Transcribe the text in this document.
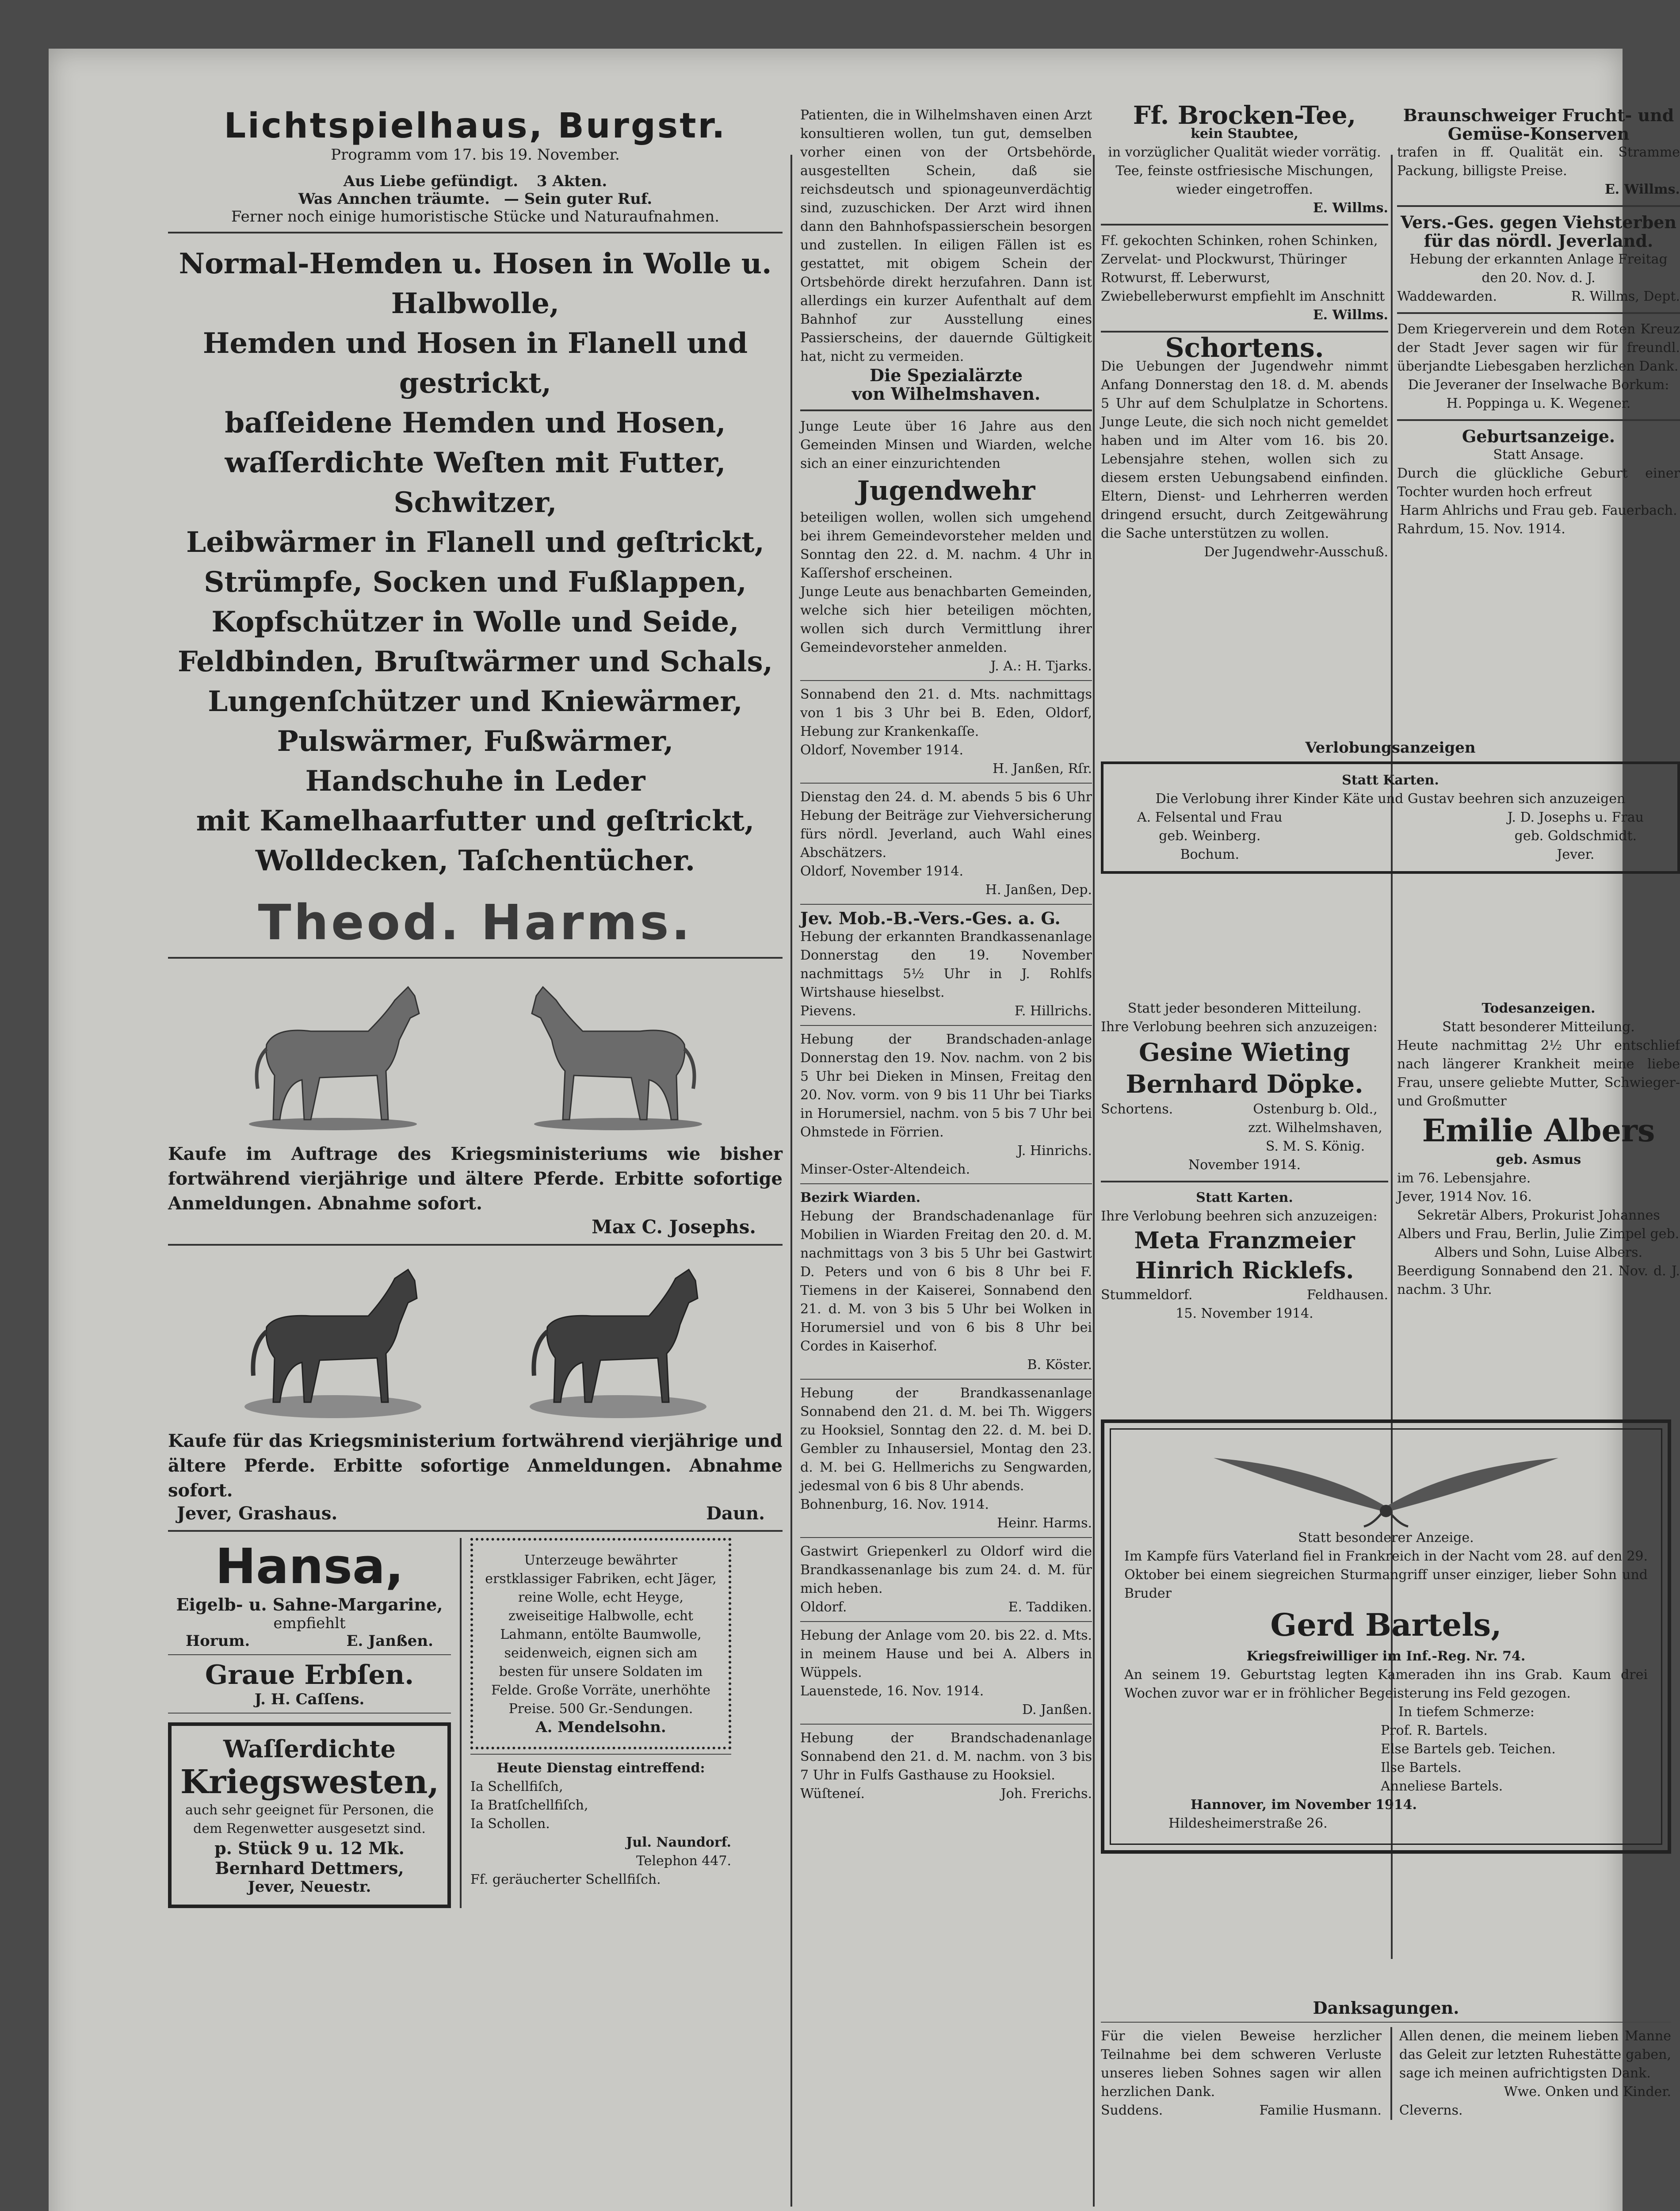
Lichtspielhaus, Burgstr.
Programm vom 17. bis 19. November.
Aus Liebe gefündigt. 3 Akten.
Was Annchen träumte. — Sein guter Ruf.
Ferner noch einige humoristische Stücke und Naturaufnahmen.
Normal-Hemden u. Hosen in Wolle u. Halbwolle,
Hemden und Hosen in Flanell und gestrickt,
baſſeidene Hemden und Hosen,
waſſerdichte Weſten mit Futter, Schwitzer,
Leibwärmer in Flanell und geſtrickt,
Strümpfe, Socken und Fußlappen,
Kopfschützer in Wolle und Seide,
Feldbinden, Bruſtwärmer und Schals,
Lungenſchützer und Kniewärmer,
Pulswärmer, Fußwärmer,
Handschuhe in Leder
mit Kamelhaarfutter und geſtrickt,
Wolldecken, Taſchentücher.
Theod. Harms.
Kaufe im Auftrage des Kriegsministeriums wie bisher fortwährend vierjährige und ältere Pferde. Erbitte sofortige Anmeldungen. Abnahme sofort.
Max C. Josephs.
Kaufe für das Kriegsministerium fortwährend vierjährige und ältere Pferde. Erbitte sofortige Anmeldungen. Abnahme sofort.
Jever, Grashaus.	Daun.
Hansa,
Eigelb- u. Sahne-Margarine,
empfiehlt
Horum.	E. Janßen.
Graue Erbſen.
J. H. Caſſens.
Waſſerdichte
Kriegswesten,
auch sehr geeignet für Personen, die dem Regenwetter ausgesetzt sind.
p. Stück 9 u. 12 Mk.
Bernhard Dettmers,
Jever, Neuestr.
Unterzeuge bewährter erstklassiger Fabriken, echt Jäger, reine Wolle, echt Heyge, zweiseitige Halbwolle, echt Lahmann, entölte Baumwolle, seidenweich, eignen sich am besten für unsere Soldaten im Felde. Große Vorräte, unerhöhte Preise. 500 Gr.-Sendungen.
A. Mendelsohn.
Heute Dienstag eintreffend:
Ia Schellfiſch,
Ia Bratſchellfiſch,
Ia Schollen.
Jul. Naundorf.
Telephon 447.
Ff. geräucherter Schellfiſch.
Patienten, die in Wilhelmshaven einen Arzt konsultieren wollen, tun gut, demselben vorher einen von der Ortsbehörde ausgestellten Schein, daß sie reichsdeutsch und spionageunverdächtig sind, zuzuschicken. Der Arzt wird ihnen dann den Bahnhofspassierschein besorgen und zustellen. In eiligen Fällen ist es gestattet, mit obigem Schein der Ortsbehörde direkt herzufahren. Dann ist allerdings ein kurzer Aufenthalt auf dem Bahnhof zur Ausstellung eines Passierscheins, der dauernde Gültigkeit hat, nicht zu vermeiden.
Die Spezialärzte
von Wilhelmshaven.
Junge Leute über 16 Jahre aus den Gemeinden Minsen und Wiarden, welche sich an einer einzurichtenden
Jugendwehr
beteiligen wollen, wollen sich umgehend bei ihrem Gemeindevorsteher melden und Sonntag den 22. d. M. nachm. 4 Uhr in Kaſſershof erscheinen.
Junge Leute aus benachbarten Gemeinden, welche sich hier beteiligen möchten, wollen sich durch Vermittlung ihrer Gemeindevorsteher anmelden.
J. A.: H. Tjarks.
Sonnabend den 21. d. Mts. nachmittags von 1 bis 3 Uhr bei B. Eden, Oldorf, Hebung zur Krankenkaſſe.
Oldorf, November 1914.
H. Janßen, Rſr.
Dienstag den 24. d. M. abends 5 bis 6 Uhr Hebung der Beiträge zur Viehversicherung fürs nördl. Jeverland, auch Wahl eines Abschätzers.
Oldorf, November 1914.
H. Janßen, Dep.
Jev. Mob.-B.-Vers.-Ges. a. G.
Hebung der erkannten Brandkassenanlage Donnerstag den 19. November nachmittags 5½ Uhr in J. Rohlfs Wirtshause hieselbst.
Pievens.	F. Hillrichs.
Hebung der Brandschaden-anlage Donnerstag den 19. Nov. nachm. von 2 bis 5 Uhr bei Dieken in Minsen, Freitag den 20. Nov. vorm. von 9 bis 11 Uhr bei Tiarks in Horumersiel, nachm. von 5 bis 7 Uhr bei Ohmstede in Förrien.
J. Hinrichs.
Minser-Oster-Altendeich.
Bezirk Wiarden.
Hebung der Brandschadenanlage für Mobilien in Wiarden Freitag den 20. d. M. nachmittags von 3 bis 5 Uhr bei Gastwirt D. Peters und von 6 bis 8 Uhr bei F. Tiemens in der Kaiserei, Sonnabend den 21. d. M. von 3 bis 5 Uhr bei Wolken in Horumersiel und von 6 bis 8 Uhr bei Cordes in Kaiserhof.
B. Köster.
Hebung der Brandkassenanlage Sonnabend den 21. d. M. bei Th. Wiggers zu Hooksiel, Sonntag den 22. d. M. bei D. Gembler zu Inhausersiel, Montag den 23. d. M. bei G. Hellmerichs zu Sengwarden, jedesmal von 6 bis 8 Uhr abends.
Bohnenburg, 16. Nov. 1914.
Heinr. Harms.
Gastwirt Griepenkerl zu Oldorf wird die Brandkassenanlage bis zum 24. d. M. für mich heben.
Oldorf.	E. Taddiken.
Hebung der Anlage vom 20. bis 22. d. Mts. in meinem Hause und bei A. Albers in Wüppels.
Lauenstede, 16. Nov. 1914.
D. Janßen.
Hebung der Brandschadenanlage Sonnabend den 21. d. M. nachm. von 3 bis 7 Uhr in Fulfs Gasthause zu Hooksiel.
Wüſteneí.	Joh. Frerichs.
Ff. Brocken-Tee,
kein Staubtee,
in vorzüglicher Qualität wieder vorrätig. Tee, feinste ostfriesische Mischungen, wieder eingetroffen.
E. Willms.
Ff. gekochten Schinken, rohen Schinken, Zervelat- und Plockwurst, Thüringer Rotwurst, ff. Leberwurst, Zwiebelleberwurst empfiehlt im Anschnitt
E. Willms.
Schortens.
Die Uebungen der Jugendwehr nimmt Anfang Donnerstag den 18. d. M. abends 5 Uhr auf dem Schulplatze in Schortens. Junge Leute, die sich noch nicht gemeldet haben und im Alter vom 16. bis 20. Lebensjahre stehen, wollen sich zu diesem ersten Uebungsabend einfinden. Eltern, Dienst- und Lehrherren werden dringend ersucht, durch Zeitgewährung die Sache unterstützen zu wollen.
Der Jugendwehr-Ausschuß.
Verlobungsanzeigen
Statt Karten.
Die Verlobung ihrer Kinder Käte und Gustav beehren sich anzuzeigen
A. Felsental und Frau
geb. Weinberg.
Bochum.
J. D. Josephs u. Frau
geb. Goldschmidt.
Jever.
Statt jeder besonderen Mitteilung.
Ihre Verlobung beehren sich anzuzeigen:
Gesine Wieting
Bernhard Döpke.
Schortens.	Ostenburg b. Old., zzt. Wilhelmshaven, S. M. S. König.
November 1914.
Statt Karten.
Ihre Verlobung beehren sich anzuzeigen:
Meta Franzmeier
Hinrich Ricklefs.
Stummeldorf.	Feldhausen.
15. November 1914.
Braunschweiger Frucht- und Gemüse-Konserven
trafen in ff. Qualität ein. Stramme Packung, billigste Preise.
E. Willms.
Vers.-Ges. gegen Viehsterben für das nördl. Jeverland.
Hebung der erkannten Anlage Freitag den 20. Nov. d. J.
Waddewarden.	R. Willms, Dept.
Dem Kriegerverein und dem Roten Kreuz der Stadt Jever sagen wir für freundl. überjandte Liebesgaben herzlichen Dank.
Die Jeveraner der Inselwache Borkum:
H. Poppinga u. K. Wegener.
Geburtsanzeige.
Statt Ansage.
Durch die glückliche Geburt einer Tochter wurden hoch erfreut
Harm Ahlrichs und Frau geb. Fauerbach.
Rahrdum, 15. Nov. 1914.
Todesanzeigen.
Statt besonderer Mitteilung.
Heute nachmittag 2½ Uhr entschlief nach längerer Krankheit meine liebe Frau, unsere geliebte Mutter, Schwieger- und Großmutter
Emilie Albers
geb. Asmus
im 76. Lebensjahre.
Jever, 1914 Nov. 16.
Sekretär Albers, Prokurist Johannes Albers und Frau, Berlin, Julie Zimpel geb. Albers und Sohn, Luise Albers.
Beerdigung Sonnabend den 21. Nov. d. J. nachm. 3 Uhr.
Statt besonderer Anzeige.
Im Kampfe fürs Vaterland fiel in Frankreich in der Nacht vom 28. auf den 29. Oktober bei einem siegreichen Sturmangriff unser einziger, lieber Sohn und Bruder
Gerd Bartels,
Kriegsfreiwilliger im Inf.-Reg. Nr. 74.
An seinem 19. Geburtstag legten Kameraden ihn ins Grab. Kaum drei Wochen zuvor war er in fröhlicher Begeisterung ins Feld gezogen.
In tiefem Schmerze:
Prof. R. Bartels.
Else Bartels geb. Teichen.
Ilse Bartels.
Anneliese Bartels.
Hannover, im November 1914.
Hildesheimerstraße 26.
Danksagungen.
Für die vielen Beweise herzlicher Teilnahme bei dem schweren Verluste unseres lieben Sohnes sagen wir allen herzlichen Dank.
Suddens.	Familie Husmann.
Allen denen, die meinem lieben Manne das Geleit zur letzten Ruhestätte gaben, sage ich meinen aufrichtigsten Dank.
Wwe. Onken und Kinder.
Cleverns.
